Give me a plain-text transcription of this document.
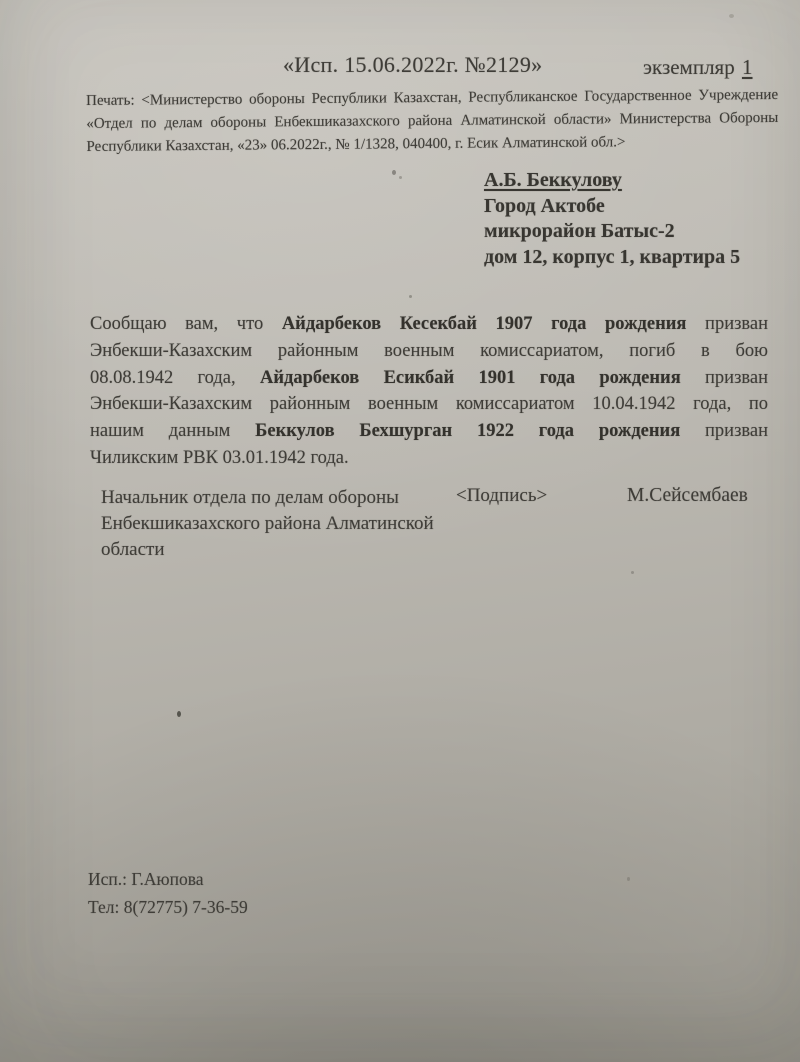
«Исп. 15.06.2022г. №2129»	экземпляр 1

Печать: <Министерство обороны Республики Казахстан, Республиканское Государственное Учреждение
«Отдел по делам обороны Енбекшиказахского района Алматинской области» Министерства Обороны
Республики Казахстан, «23» 06.2022г., № 1/1328, 040400, г. Есик Алматинской обл.>

А.Б. Беккулову
Город Актобе
микрорайон Батыс-2
дом 12, корпус 1, квартира 5

Сообщаю вам, что Айдарбеков Кесекбай 1907 года рождения призван
Энбекши-Казахским районным военным комиссариатом, погиб в бою
08.08.1942 года, Айдарбеков Есикбай 1901 года рождения призван
Энбекши-Казахским районным военным комиссариатом 10.04.1942 года, по
нашим данным Беккулов Бехшурган 1922 года рождения призван
Чиликским РВК 03.01.1942 года.

Начальник отдела по делам обороны
Енбекшиказахского района Алматинской
области
<Подпись>	М.Сейсембаев
Исп.: Г.Аюпова
Тел: 8(72775) 7-36-59
